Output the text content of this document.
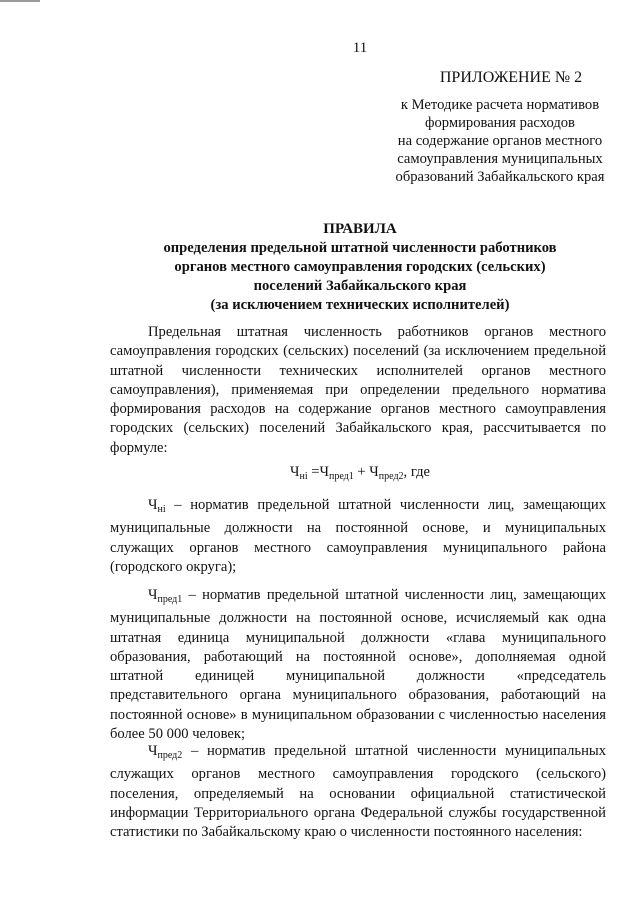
11
ПРИЛОЖЕНИЕ № 2
к Методике расчета нормативов
формирования расходов
на содержание органов местного
самоуправления муниципальных
образований Забайкальского края
ПРАВИЛА
определения предельной штатной численности работников
органов местного самоуправления городских (сельских)
поселений Забайкальского края
(за исключением технических исполнителей)

Предельная штатная численность работников органов местного самоуправления городских (сельских) поселений (за исключением предельной штатной численности технических исполнителей органов местного самоуправления), применяемая при определении предельного норматива формирования расходов на содержание органов местного самоуправления городских (сельских) поселений Забайкальского края, рассчитывается по формуле:

$Ч_{нi} =Ч_{пред1} + Ч_{пред2}$, где

$Ч_{нi}$ – норматив предельной штатной численности лиц, замещающих муниципальные должности на постоянной основе, и муниципальных служащих органов местного самоуправления муниципального района (городского округа);

$Ч_{пред1}$ – норматив предельной штатной численности лиц, замещающих муниципальные должности на постоянной основе, исчисляемый как одна штатная единица муниципальной должности «глава муниципального образования, работающий на постоянной основе», дополняемая одной штатной единицей муниципальной должности «председатель представительного органа муниципального образования, работающий на постоянной основе» в муниципальном образовании с численностью населения более 50 000 человек;

$Ч_{пред2}$ – норматив предельной штатной численности муниципальных служащих органов местного самоуправления городского (сельского) поселения, определяемый на основании официальной статистической информации Территориального органа Федеральной службы государственной статистики по Забайкальскому краю о численности постоянного населения:
